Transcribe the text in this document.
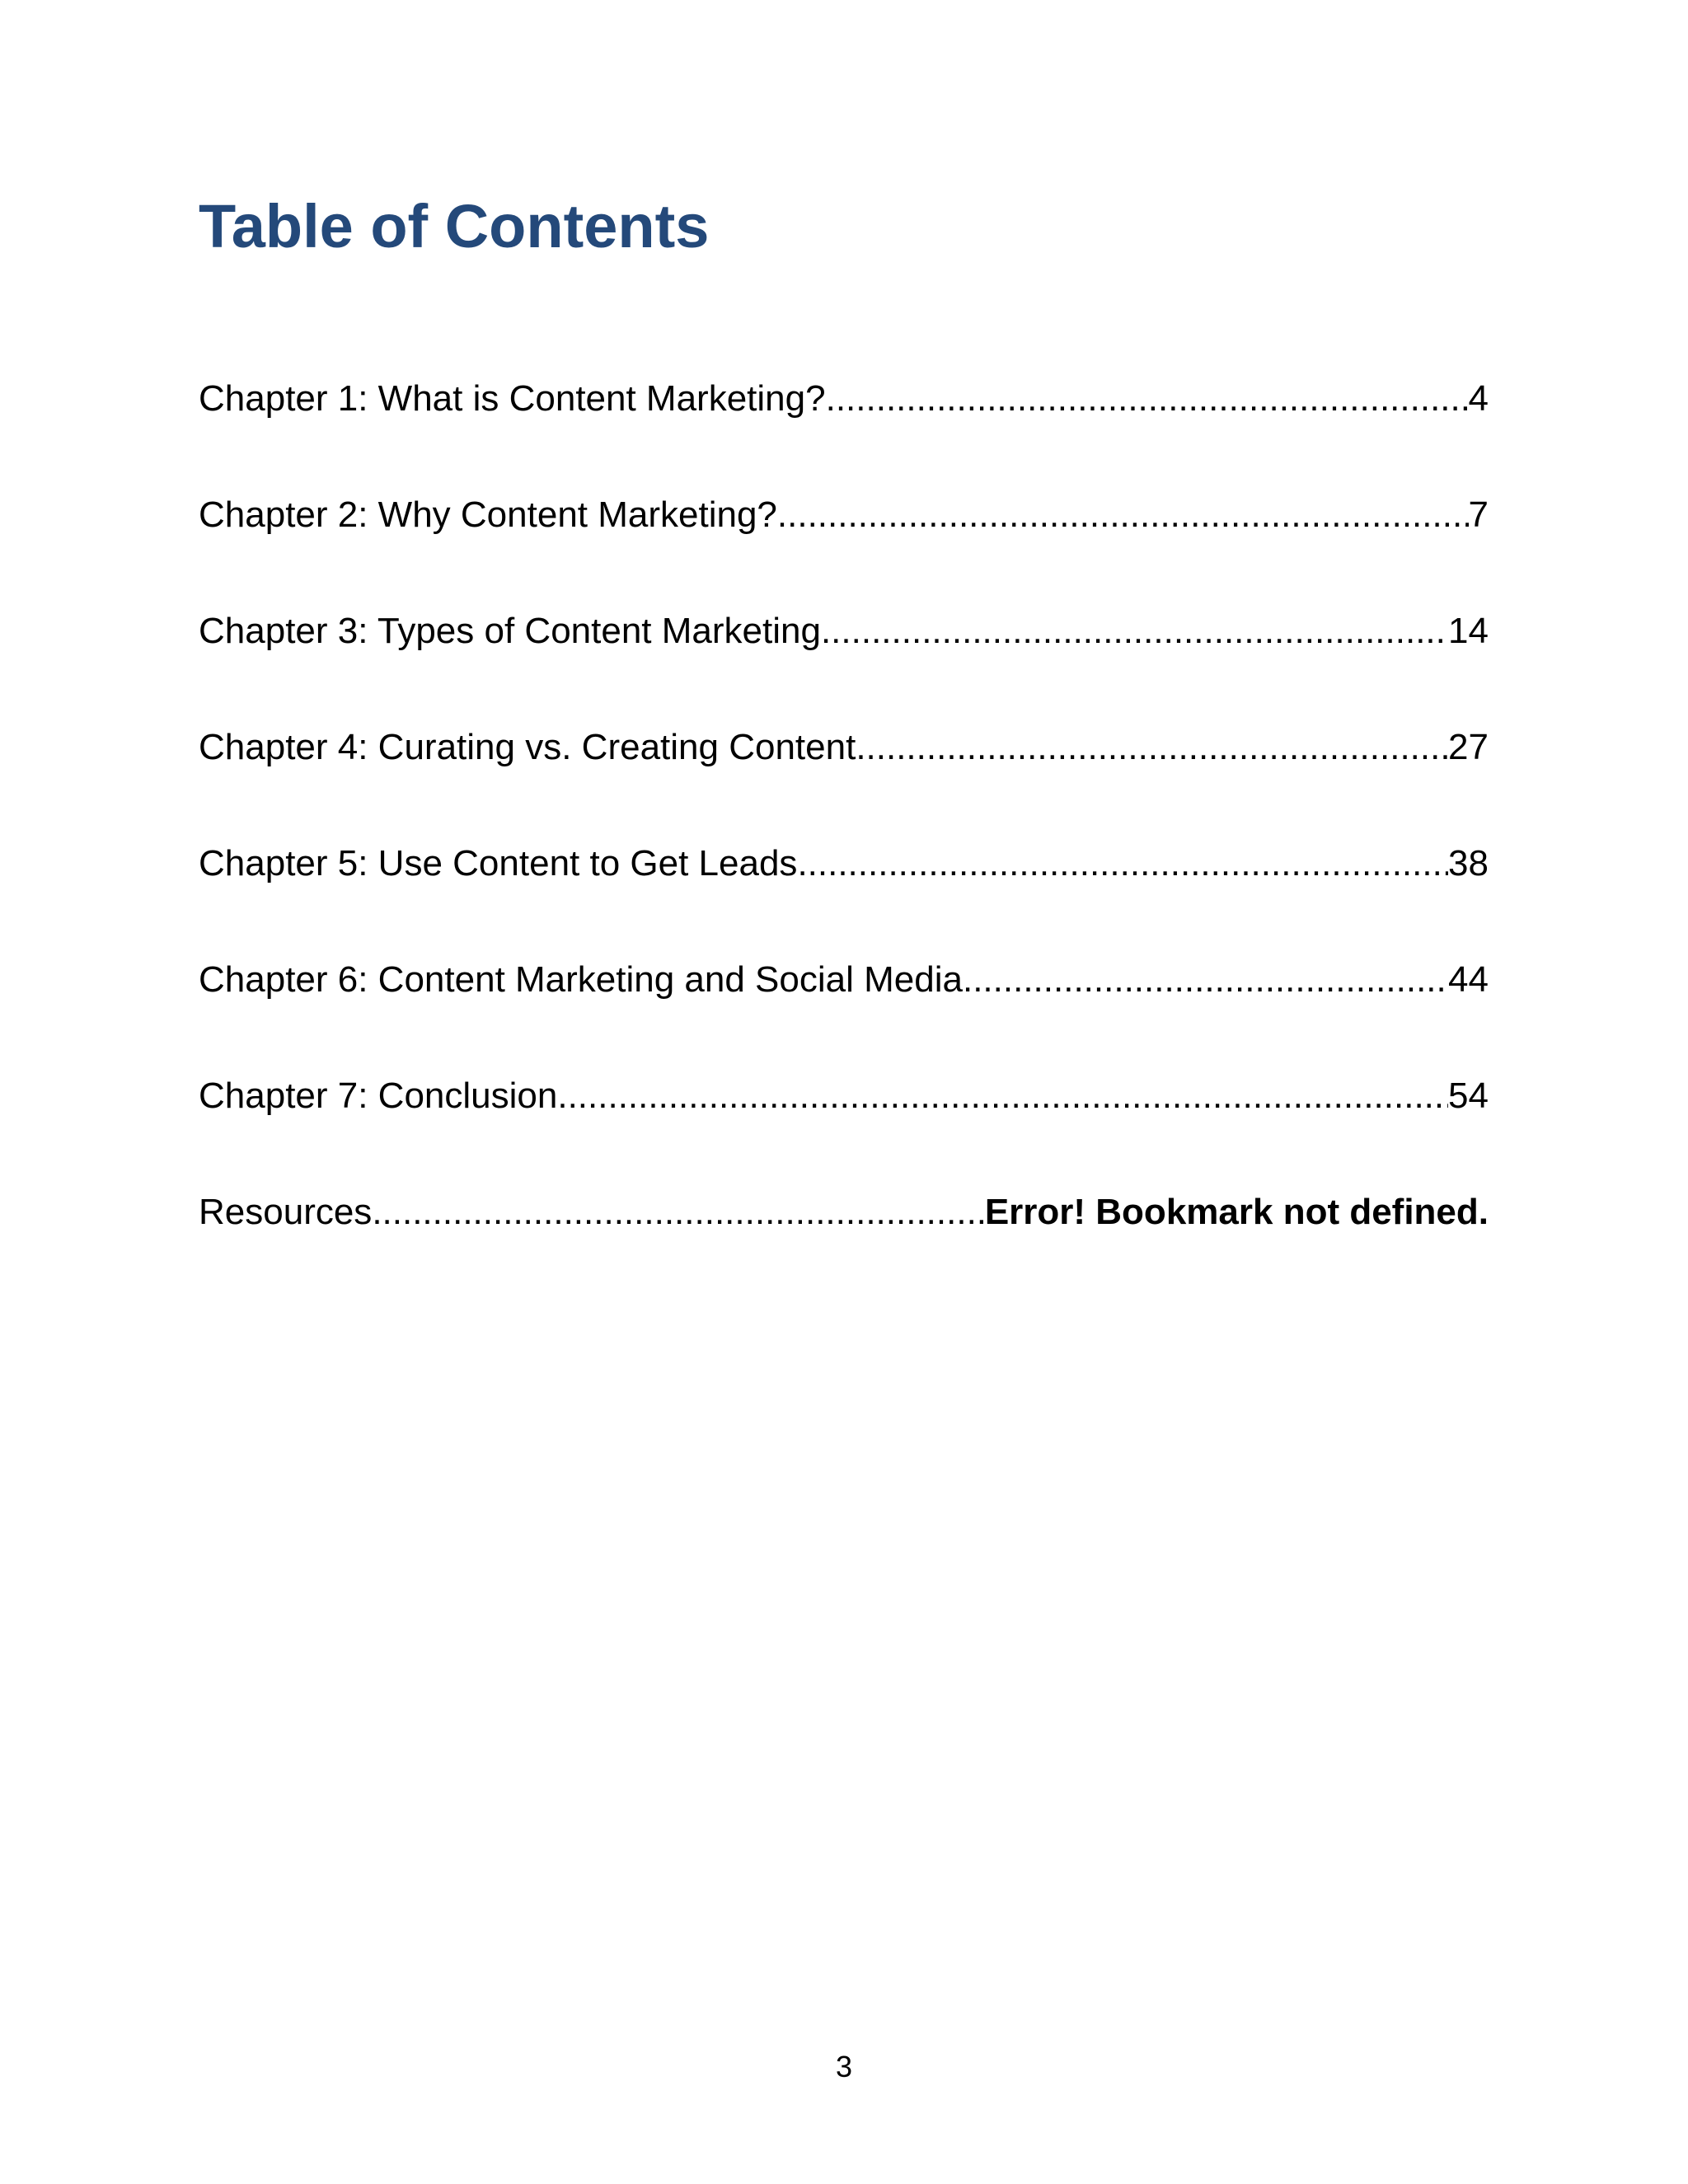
Table of Contents
Chapter 1: What is Content Marketing? .....	4
Chapter 2: Why Content Marketing? .....	7
Chapter 3: Types of Content Marketing .....	14
Chapter 4: Curating vs. Creating Content .....	27
Chapter 5: Use Content to Get Leads .....	38
Chapter 6: Content Marketing and Social Media .....	44
Chapter 7: Conclusion .....	54
Resources .....	Error! Bookmark not defined.
3
